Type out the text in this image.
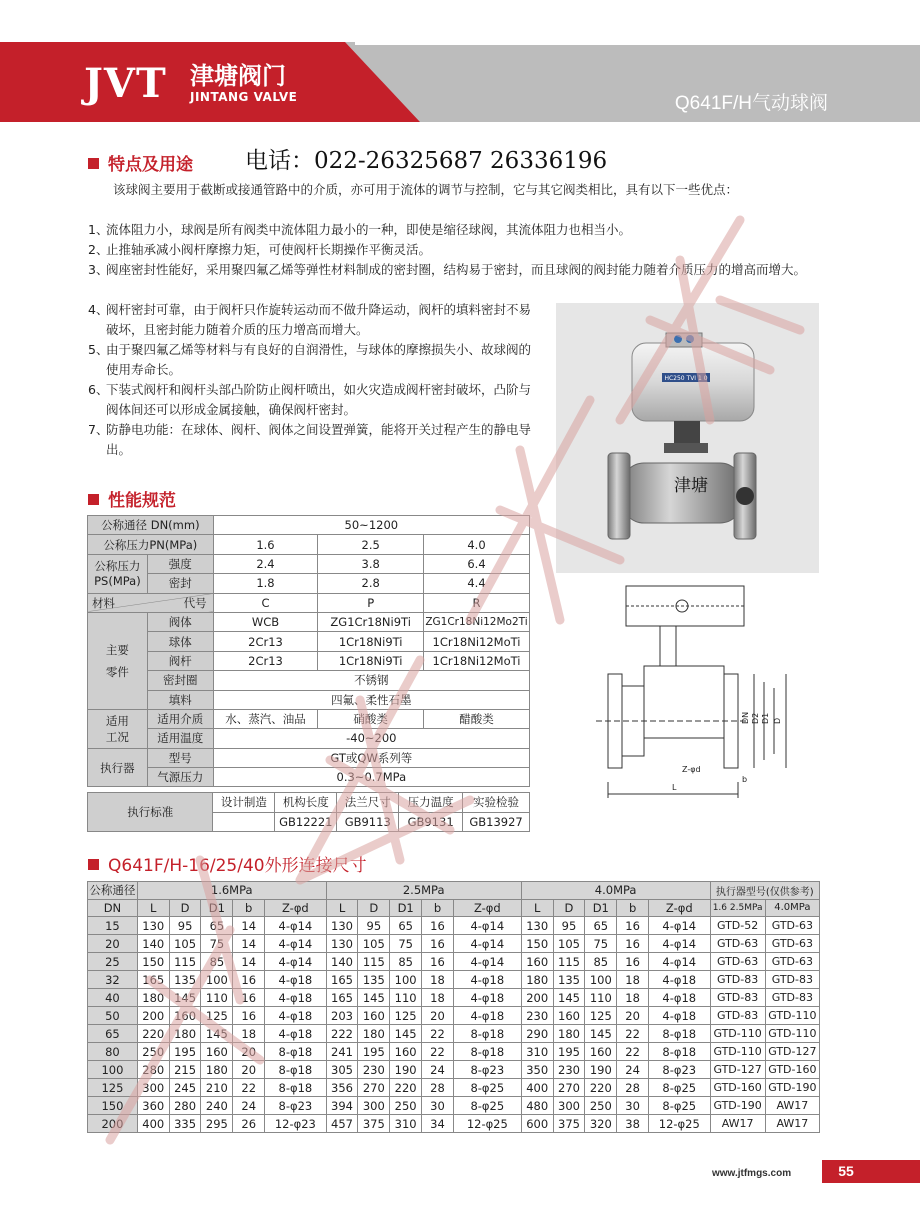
JVT 津塘阀门
JINTANG VALVE	Q641F/H气动球阀
特点及用途 电话：022-26325687 26336196

该球阀主要用于截断或接通管路中的介质，亦可用于流体的调节与控制，它与其它阀类相比，具有以下一些优点：

1、
流体阻力小，球阀是所有阀类中流体阻力最小的一种，即使是缩径球阀，其流体阻力也相当小。
2、
止推轴承减小阀杆摩擦力矩，可使阀杆长期操作平衡灵活。
3、
阀座密封性能好，采用聚四氟乙烯等弹性材料制成的密封圈，结构易于密封，而且球阀的阀封能力随着介质压力的增高而增大。
4、
阀杆密封可靠，由于阀杆只作旋转运动而不做升降运动，阀杆的填料密封不易破坏，且密封能力随着介质的压力增高而增大。
5、
由于聚四氟乙烯等材料与有良好的自润滑性，与球体的摩擦损失小、故球阀的使用寿命长。
6、
下装式阀杆和阀杆头部凸阶防止阀杆喷出，如火灾造成阀杆密封破坏，凸阶与阀体间还可以形成金属接触，确保阀杆密封。
7、
防静电功能：在球体、阀杆、阀体之间设置弹簧，能将开关过程产生的静电导出。
HC250 TVI 1 0
津塘
DN D2 D1 D
Z-φd
L
b
性能规范
公称通径 DN(mm)		50~1200		
公称压力PN(MPa)		1.6	2.5	4.0
公称压力 PS(MPa)	强度	2.4	3.8	6.4
	密封	1.8	2.8	4.4

材料 代号		C	P	R
主要 零件	阀体	WCB	ZG1Cr18Ni9Ti	ZG1Cr18Ni12Mo2Ti
	球体	2Cr13	1Cr18Ni9Ti	1Cr18Ni12MoTi
	阀杆	2Cr13	1Cr18Ni9Ti	1Cr18Ni12MoTi
	密封圈	不锈钢		
	填料	四氟、柔性石墨		
适用 工况	适用介质	水、蒸汽、油品	硝酸类	醋酸类
	适用温度	-40~200		
执行器	型号	GT或QW系列等		
	气源压力	0.3~0.7MPa		
执行标准	设计制造	机构长度	法兰尺寸	压力温度	实验检验
		GB12221	GB9113	GB9131	GB13927
Q641F/H-16/25/40外形连接尺寸
公称通径	1.6MPa					2.5MPa					4.0MPa					执行器型号(仅供参考)	
DN	L	D	D1	b	Z-φd	L	D	D1	b	Z-φd	L	D	D1	b	Z-φd	1.6 2.5MPa	4.0MPa
15	130	95	65	14	4-φ14	130	95	65	16	4-φ14	130	95	65	16	4-φ14	GTD-52	GTD-63
20	140	105	75	14	4-φ14	130	105	75	16	4-φ14	150	105	75	16	4-φ14	GTD-63	GTD-63
25	150	115	85	14	4-φ14	140	115	85	16	4-φ14	160	115	85	16	4-φ14	GTD-63	GTD-63
32	165	135	100	16	4-φ18	165	135	100	18	4-φ18	180	135	100	18	4-φ18	GTD-83	GTD-83
40	180	145	110	16	4-φ18	165	145	110	18	4-φ18	200	145	110	18	4-φ18	GTD-83	GTD-83
50	200	160	125	16	4-φ18	203	160	125	20	4-φ18	230	160	125	20	4-φ18	GTD-83	GTD-110
65	220	180	145	18	4-φ18	222	180	145	22	8-φ18	290	180	145	22	8-φ18	GTD-110	GTD-110
80	250	195	160	20	8-φ18	241	195	160	22	8-φ18	310	195	160	22	8-φ18	GTD-110	GTD-127
100	280	215	180	20	8-φ18	305	230	190	24	8-φ23	350	230	190	24	8-φ23	GTD-127	GTD-160
125	300	245	210	22	8-φ18	356	270	220	28	8-φ25	400	270	220	28	8-φ25	GTD-160	GTD-190
150	360	280	240	24	8-φ23	394	300	250	30	8-φ25	480	300	250	30	8-φ25	GTD-190	AW17
200	400	335	295	26	12-φ23	457	375	310	34	12-φ25	600	375	320	38	12-φ25	AW17	AW17
www.jtfmgs.com	55
